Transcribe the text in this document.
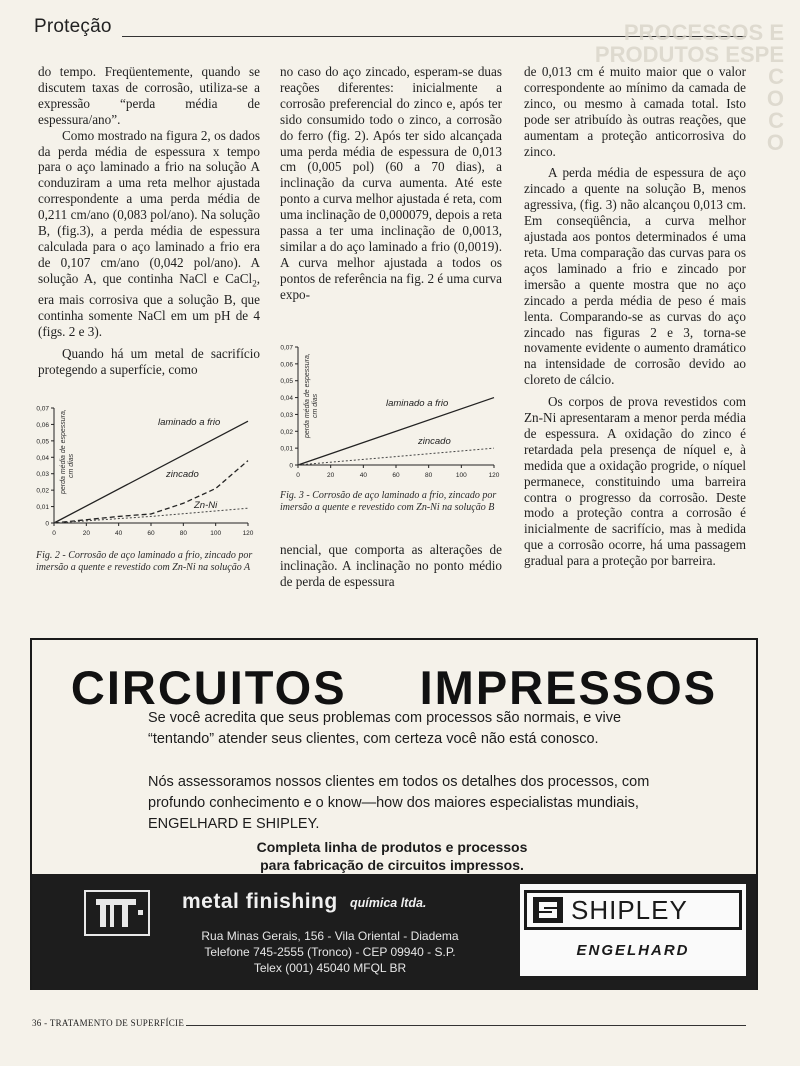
Proteção	PROCESSOS E
PRODUTOS ESPE
C
O
C
O

do tempo. Freqüentemente, quando se discutem taxas de corrosão, utiliza-se a expressão “perda média de espessura/ano”.

Como mostrado na figura 2, os dados da perda média de espessura x tempo para o aço laminado a frio na solução A conduziram a uma reta melhor ajustada correspondente a uma perda média de 0,211 cm/ano (0,083 pol/ano). Na solução B, (fig.3), a perda média de espessura calculada para o aço laminado a frio era de 0,107 cm/ano (0,042 pol/ano). A solução A, que continha NaCl e CaCl$_2$, era mais corrosiva que a solução B, que continha somente NaCl em um pH de 4 (figs. 2 e 3).

Quando há um metal de sacrifício protegendo a superfície, como

0
0,01
0,02
0,03
0,04
0,05
0,06
0,07
0	20	40	60	80	100	120
laminado a frio
zincado
Zn-Ni
perda média de espessura, cm dias
Fig. 2 - Corrosão de aço laminado a frio, zincado por imersão a quente e revestido com Zn-Ni na solução A

no caso do aço zincado, esperam-se duas reações diferentes: inicialmente a corrosão preferencial do zinco e, após ter sido consumido todo o zinco, a corrosão do ferro (fig. 2). Após ter sido alcançada uma perda média de espessura de 0,013 cm (0,005 pol) (60 a 70 dias), a inclinação da curva aumenta. Até este ponto a curva melhor ajustada é reta, com uma inclinação de 0,000079, depois a reta passa a ter uma inclinação de 0,0013, similar a do aço laminado a frio (0,0019). A curva melhor ajustada a todos os pontos de referência na fig. 2 é uma curva expo-

0
0,01
0,02
0,03
0,04
0,05
0,06
0,07
0	20	40	60	80	100	120
laminado a frio
zincado
perda média de espessura, cm dias
Fig. 3 - Corrosão de aço laminado a frio, zincado por imersão a quente e revestido com Zn-Ni na solução B

nencial, que comporta as alterações de inclinação. A inclinação no ponto médio de perda de espessura

de 0,013 cm é muito maior que o valor correspondente ao mínimo da camada de zinco, ou mesmo à camada total. Isto pode ser atribuído às outras reações, que aumentam a proteção anticorrosiva do zinco.

A perda média de espessura de aço zincado a quente na solução B, menos agressiva, (fig. 3) não alcançou 0,013 cm. Em conseqüência, a curva melhor ajustada aos pontos determinados é uma reta. Uma comparação das curvas para os aços laminado a frio e zincado por imersão a quente mostra que no aço zincado a perda média de peso é mais lenta. Comparando-se as curvas do aço zincado nas figuras 2 e 3, torna-se novamente evidente o aumento dramático na intensidade de corrosão devido ao cloreto de cálcio.

Os corpos de prova revestidos com Zn-Ni apresentaram a menor perda média de espessura. A oxidação do zinco é retardada pela presença de níquel e, à medida que a oxidação progride, o níquel permanece, constituindo uma barreira contra o progresso da corrosão. Deste modo a proteção contra a corrosão é inicialmente de sacrifício, mas à medida que a corrosão ocorre, há uma passagem gradual para a proteção por barreira.

CIRCUITOS IMPRESSOS
Se você acredita que seus problemas com processos são normais, e vive
“tentando” atender seus clientes, com certeza você não está conosco.
Nós assessoramos nossos clientes em todos os detalhes dos processos, com
profundo conhecimento e o know—how dos maiores especialistas mundiais,
ENGELHARD E SHIPLEY.
Completa linha de produtos e processos
para fabricação de circuitos impressos.
metal finishing química ltda.
Rua Minas Gerais, 156 - Vila Oriental - Diadema
Telefone 745-2555 (Tronco) - CEP 09940 - S.P.
Telex (001) 45040 MFQL BR
SHIPLEY
ENGELHARD
36 - TRATAMENTO DE SUPERFÍCIE
